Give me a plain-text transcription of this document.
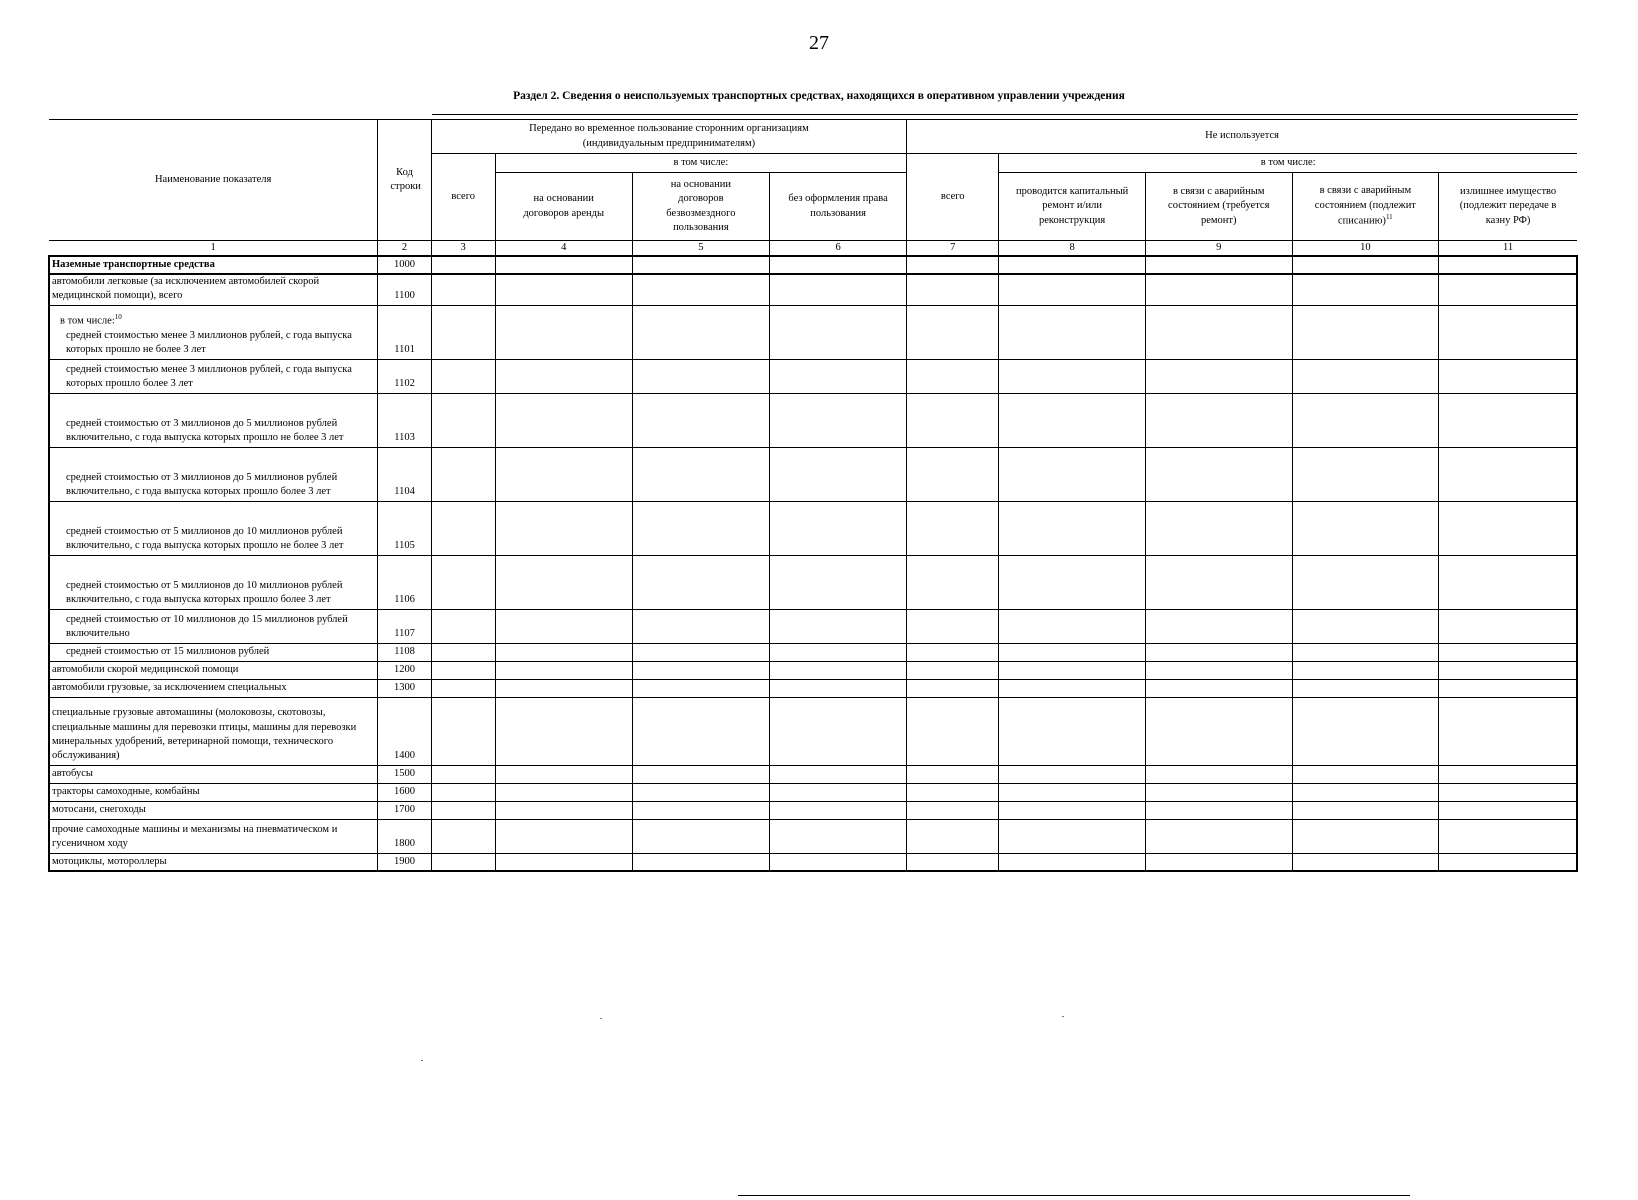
27
Раздел 2. Сведения о неиспользуемых транспортных средствах, находящихся в оперативном управлении учреждения
Наименование показателя	Код строки	Передано во временное пользование сторонним организациям (индивидуальным предпринимателям)				Не используется				
		всего	в том числе:			всего	в том числе:			
			на основании договоров аренды	на основании договоров безвозмездного пользования	без оформления права пользования		проводится капитальный ремонт и/или реконструкция	в связи с аварийным состоянием (требуется ремонт)	в связи с аварийным состоянием (подлежит списанию)$^{11}$	излишнее имущество (подлежит передаче в казну РФ)
1	2	3	4	5	6	7	8	9	10	11
Наземные транспортные средства	1000									
автомобили легковые (за исключением автомобилей скорой медицинской помощи), всего	1100									

в том числе:$^{10}$
средней стоимостью менее 3 миллионов рублей, с года выпуска которых прошло не более 3 лет	1101									
средней стоимостью менее 3 миллионов рублей, с года выпуска которых прошло более 3 лет	1102									
средней стоимостью от 3 миллионов до 5 миллионов рублей включительно, с года выпуска которых прошло не более 3 лет	1103									
средней стоимостью от 3 миллионов до 5 миллионов рублей включительно, с года выпуска которых прошло более 3 лет	1104									
средней стоимостью от 5 миллионов до 10 миллионов рублей включительно, с года выпуска которых прошло не более 3 лет	1105									
средней стоимостью от 5 миллионов до 10 миллионов рублей включительно, с года выпуска которых прошло более 3 лет	1106									
средней стоимостью от 10 миллионов до 15 миллионов рублей включительно	1107									
средней стоимостью от 15 миллионов рублей	1108									
автомобили скорой медицинской помощи	1200									
автомобили грузовые, за исключением специальных	1300									
специальные грузовые автомашины (молоковозы, скотовозы, специальные машины для перевозки птицы, машины для перевозки минеральных удобрений, ветеринарной помощи, технического обслуживания)	1400									
автобусы	1500									
тракторы самоходные, комбайны	1600									
мотосани, снегоходы	1700									
прочие самоходные машины и механизмы на пневматическом и гусеничном ходу	1800									
мотоциклы, мотороллеры	1900									
